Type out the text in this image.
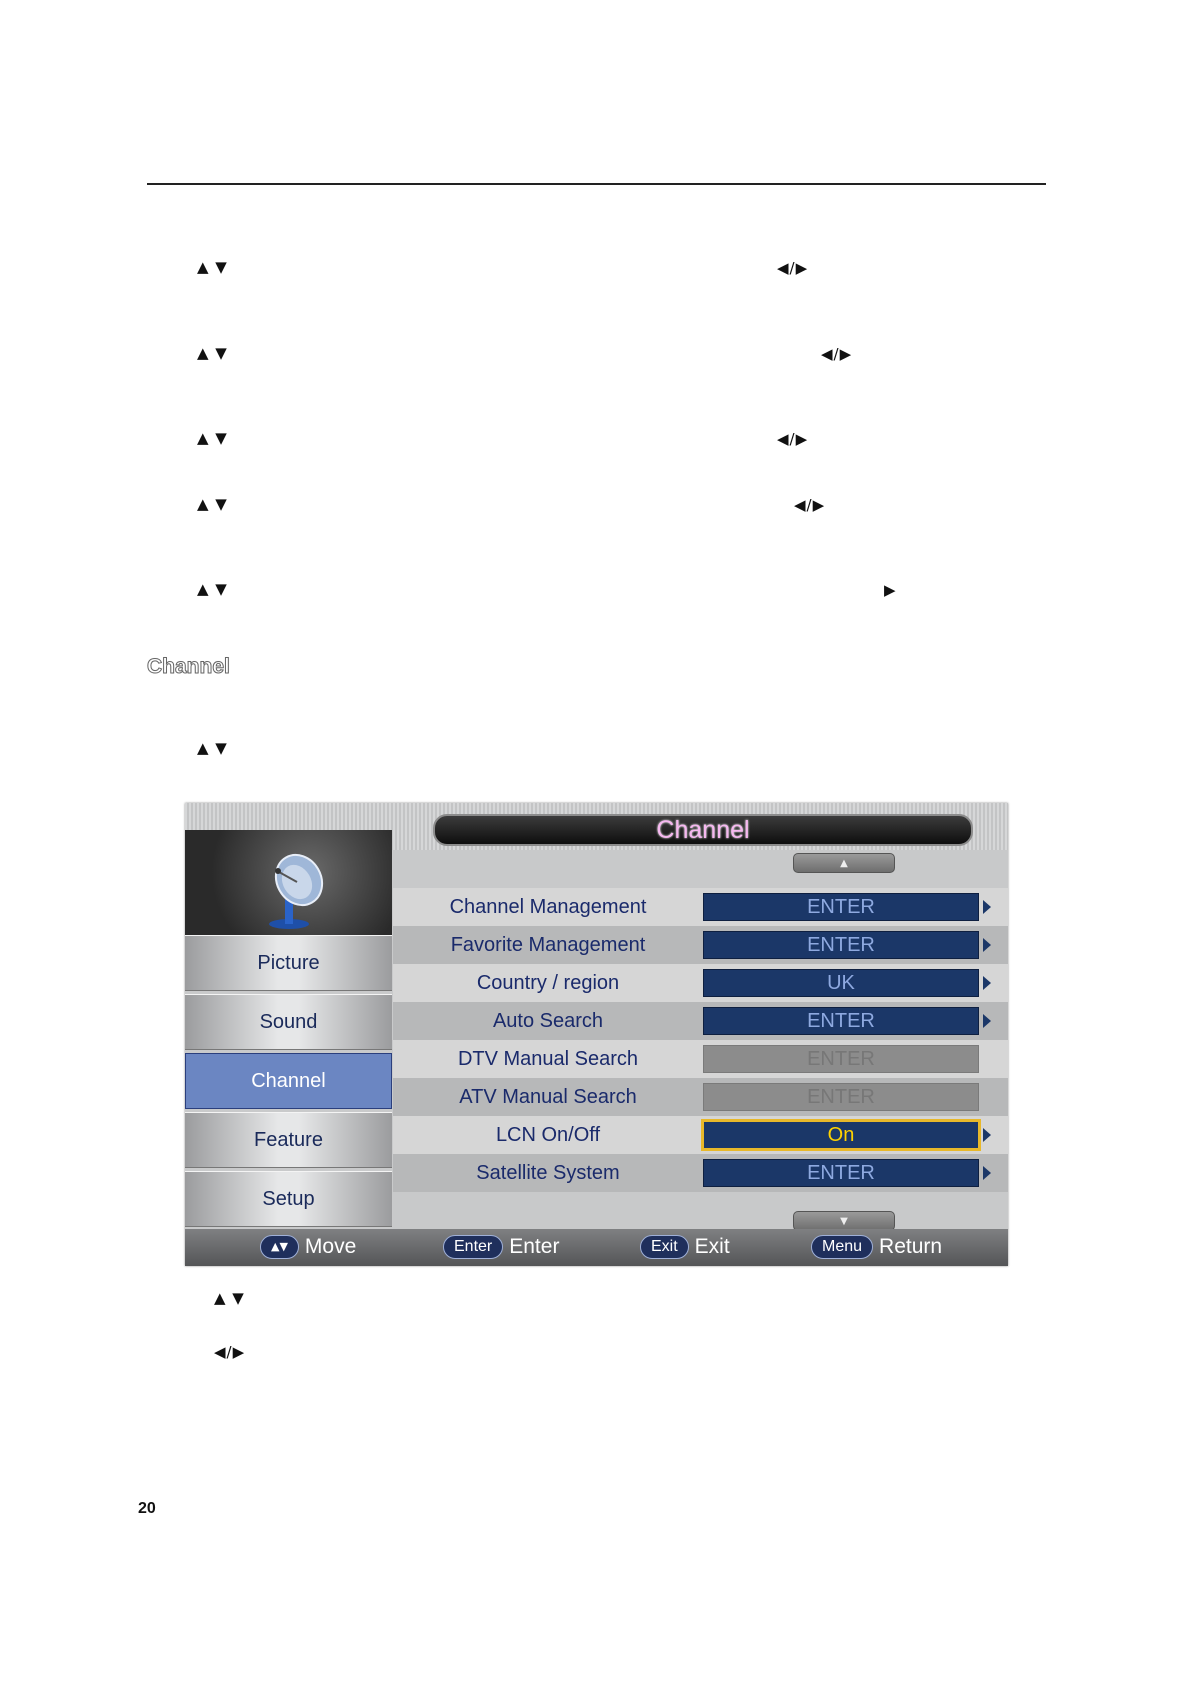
▲ ▼	◀/▶
▲ ▼	◀/▶
▲ ▼	◀/▶
▲ ▼	◀/▶
▲ ▼	▶
Channel
▲ ▼
Channel
Picture
Sound
Channel
Feature
Setup
▲
Channel Management	ENTER
Favorite Management	ENTER
Country / region	UK
Auto Search	ENTER
DTV Manual Search	ENTER
ATV Manual Search	ENTER
LCN On/Off	On
Satellite System	ENTER
▼
▲▼ Move	Enter Enter	Exit Exit	Menu Return
▲ ▼
◀/▶
20
